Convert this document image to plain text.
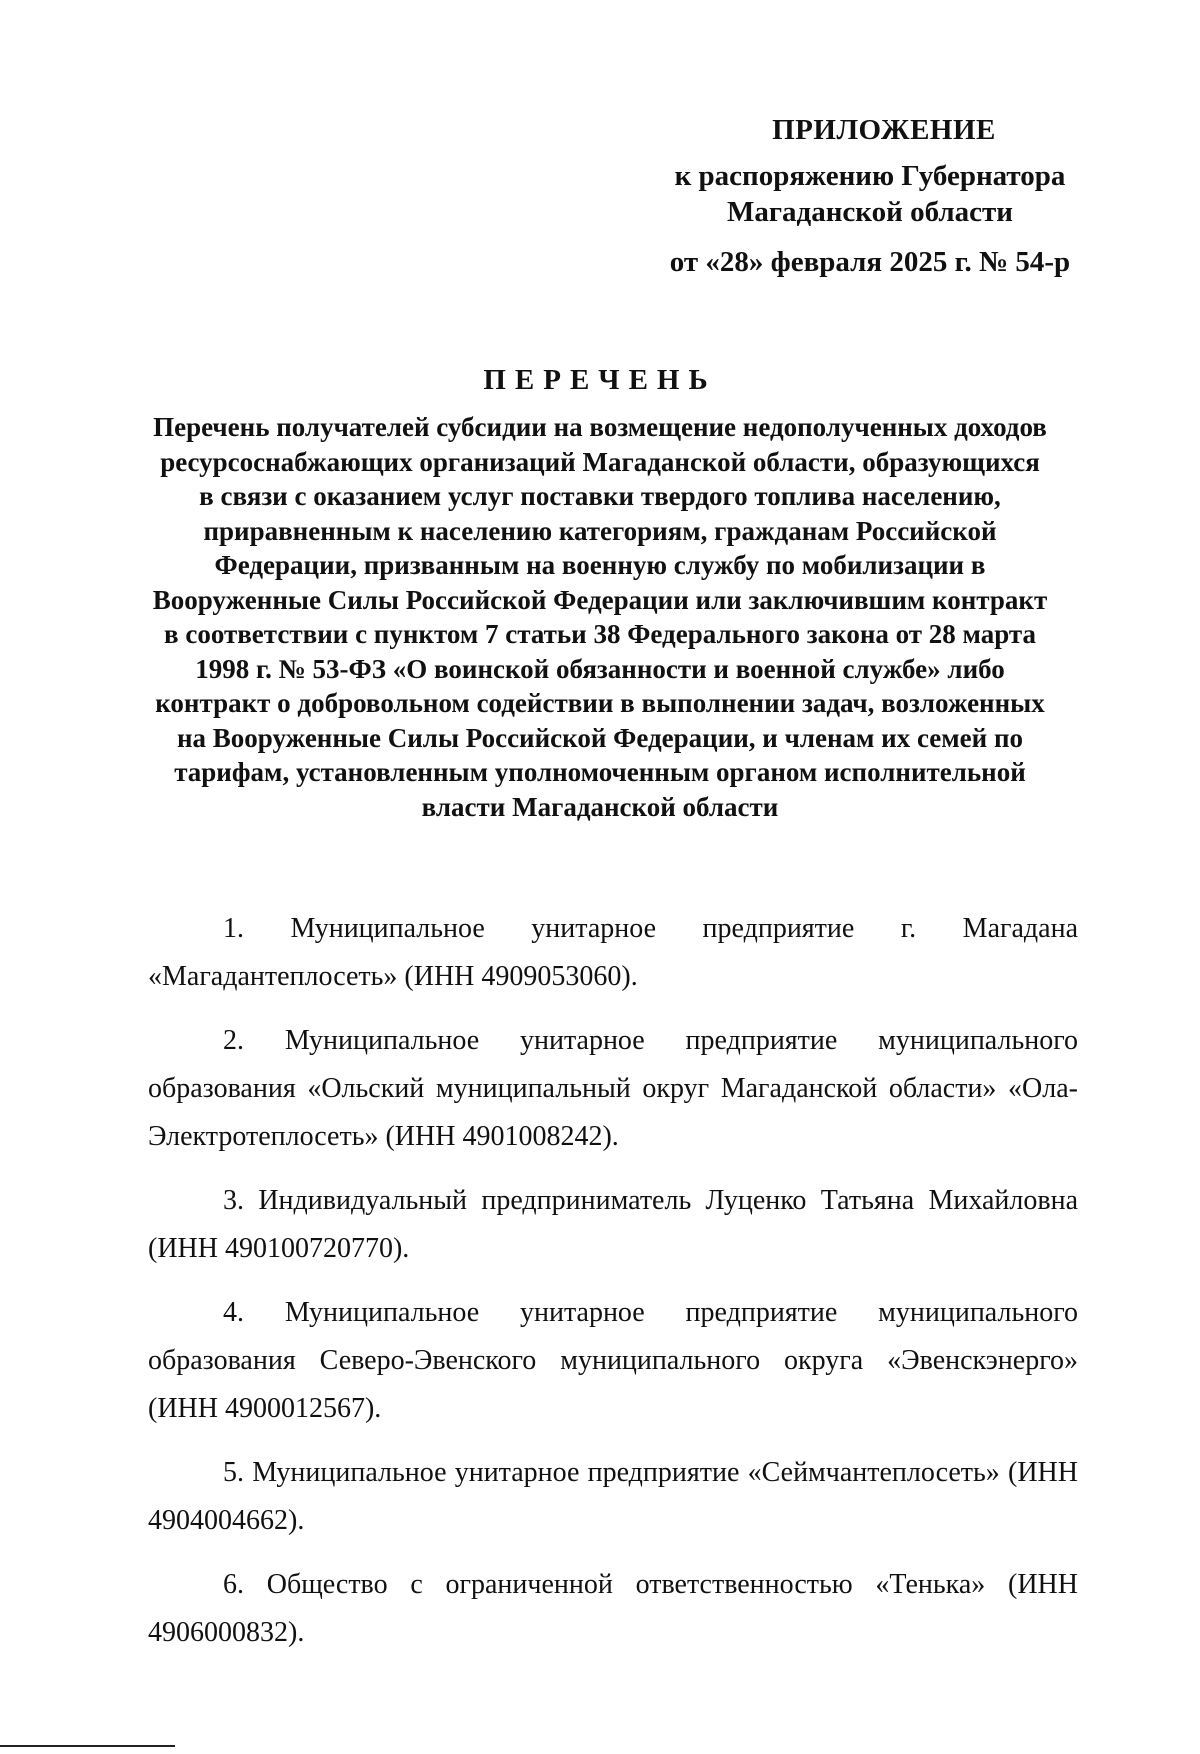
ПРИЛОЖЕНИЕ
к распоряжению Губернатора
Магаданской области
от «28» февраля 2025 г. № 54-р
ПЕРЕЧЕНЬ
Перечень получателей субсидии на возмещение недополученных доходов ресурсоснабжающих организаций Магаданской области, образующихся в связи с оказанием услуг поставки твердого топлива населению, приравненным к населению категориям, гражданам Российской Федерации, призванным на военную службу по мобилизации в Вооруженные Силы Российской Федерации или заключившим контракт в соответствии с пунктом 7 статьи 38 Федерального закона от 28 марта 1998 г. № 53-ФЗ «О воинской обязанности и военной службе» либо контракт о добровольном содействии в выполнении задач, возложенных на Вооруженные Силы Российской Федерации, и членам их семей по тарифам, установленным уполномоченным органом исполнительной власти Магаданской области

1. Муниципальное унитарное предприятие г. Магадана «Магадантеплосеть» (ИНН 4909053060).

2. Муниципальное унитарное предприятие муниципального образования «Ольский муниципальный округ Магаданской области» «Ола-Электротеплосеть» (ИНН 4901008242).

3. Индивидуальный предприниматель Луценко Татьяна Михайловна (ИНН 490100720770).

4. Муниципальное унитарное предприятие муниципального образования Северо-Эвенского муниципального округа «Эвенскэнерго» (ИНН 4900012567).

5. Муниципальное унитарное предприятие «Сеймчантеплосеть» (ИНН 4904004662).

6. Общество с ограниченной ответственностью «Тенька» (ИНН 4906000832).
